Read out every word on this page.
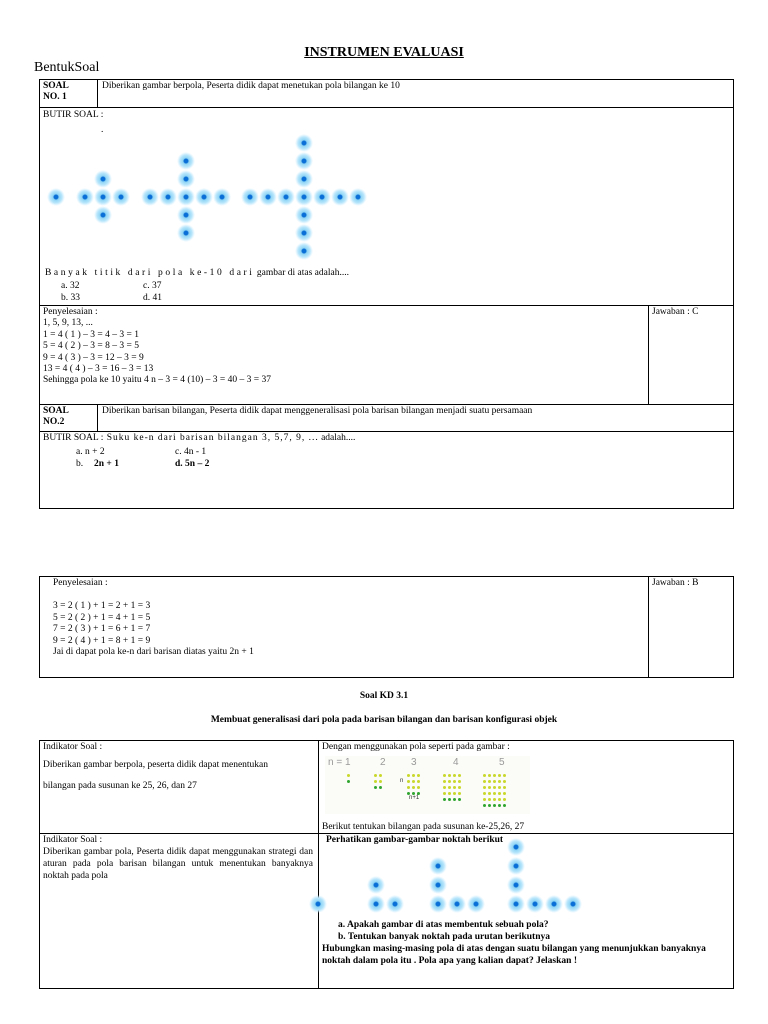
INSTRUMEN EVALUASI
BentukSoal
SOAL
NO. 1
Diberikan gambar berpola, Peserta didik dapat menetukan pola bilangan ke 10
BUTIR SOAL :
.
Banyak titik dari pola ke-10 dari gambar di atas adalah....
a. 32	c. 37
b. 33	d. 41

Penyelesaian :

1, 5, 9, 13, ...

1 = 4 ( 1 ) – 3 = 4 – 3 = 1

5 = 4 ( 2 ) – 3 = 8 – 3 = 5

9 = 4 ( 3 ) – 3 = 12 – 3 = 9

13 = 4 ( 4 ) – 3 = 16 – 3 = 13

Sehingga pola ke 10 yaitu 4 n – 3 = 4 (10) – 3 = 40 – 3 = 37

Jawaban : C
SOAL
NO.2
Diberikan barisan bilangan, Peserta didik dapat menggeneralisasi pola barisan bilangan menjadi suatu persamaan
BUTIR SOAL : Suku ke-n dari barisan bilangan 3, 5,7, 9, ... adalah....
a. n + 2	c. 4n - 1
b. 2n + 1	d. 5n – 2

Penyelesaian :

3 = 2 ( 1 ) + 1 = 2 + 1 = 3

5 = 2 ( 2 ) + 1 = 4 + 1 = 5

7 = 2 ( 3 ) + 1 = 6 + 1 = 7

9 = 2 ( 4 ) + 1 = 8 + 1 = 9

Jai di dapat pola ke-n dari barisan diatas yaitu 2n + 1

Jawaban : B
Soal KD 3.1
Membuat generalisasi dari pola pada barisan bilangan dan barisan konfigurasi objek
Indikator Soal :
Diberikan gambar berpola, peserta didik dapat menentukan
bilangan pada susunan ke 25, 26, dan 27
Dengan menggunakan pola seperti pada gambar :
n = 1	2	3	4	5
n
n+1
Berikut tentukan bilangan pada susunan ke-25,26, 27
Indikator Soal :
Diberikan gambar pola, Peserta didik dapat menggunakan strategi dan aturan pada pola barisan bilangan untuk menentukan banyaknya noktah pada pola
Perhatikan gambar-gambar noktah berikut
a. Apakah gambar di atas membentuk sebuah pola?
b. Tentukan banyak noktah pada urutan berikutnya
Hubungkan masing-masing pola di atas dengan suatu bilangan yang menunjukkan banyaknya noktah dalam pola itu . Pola apa yang kalian dapat? Jelaskan !
